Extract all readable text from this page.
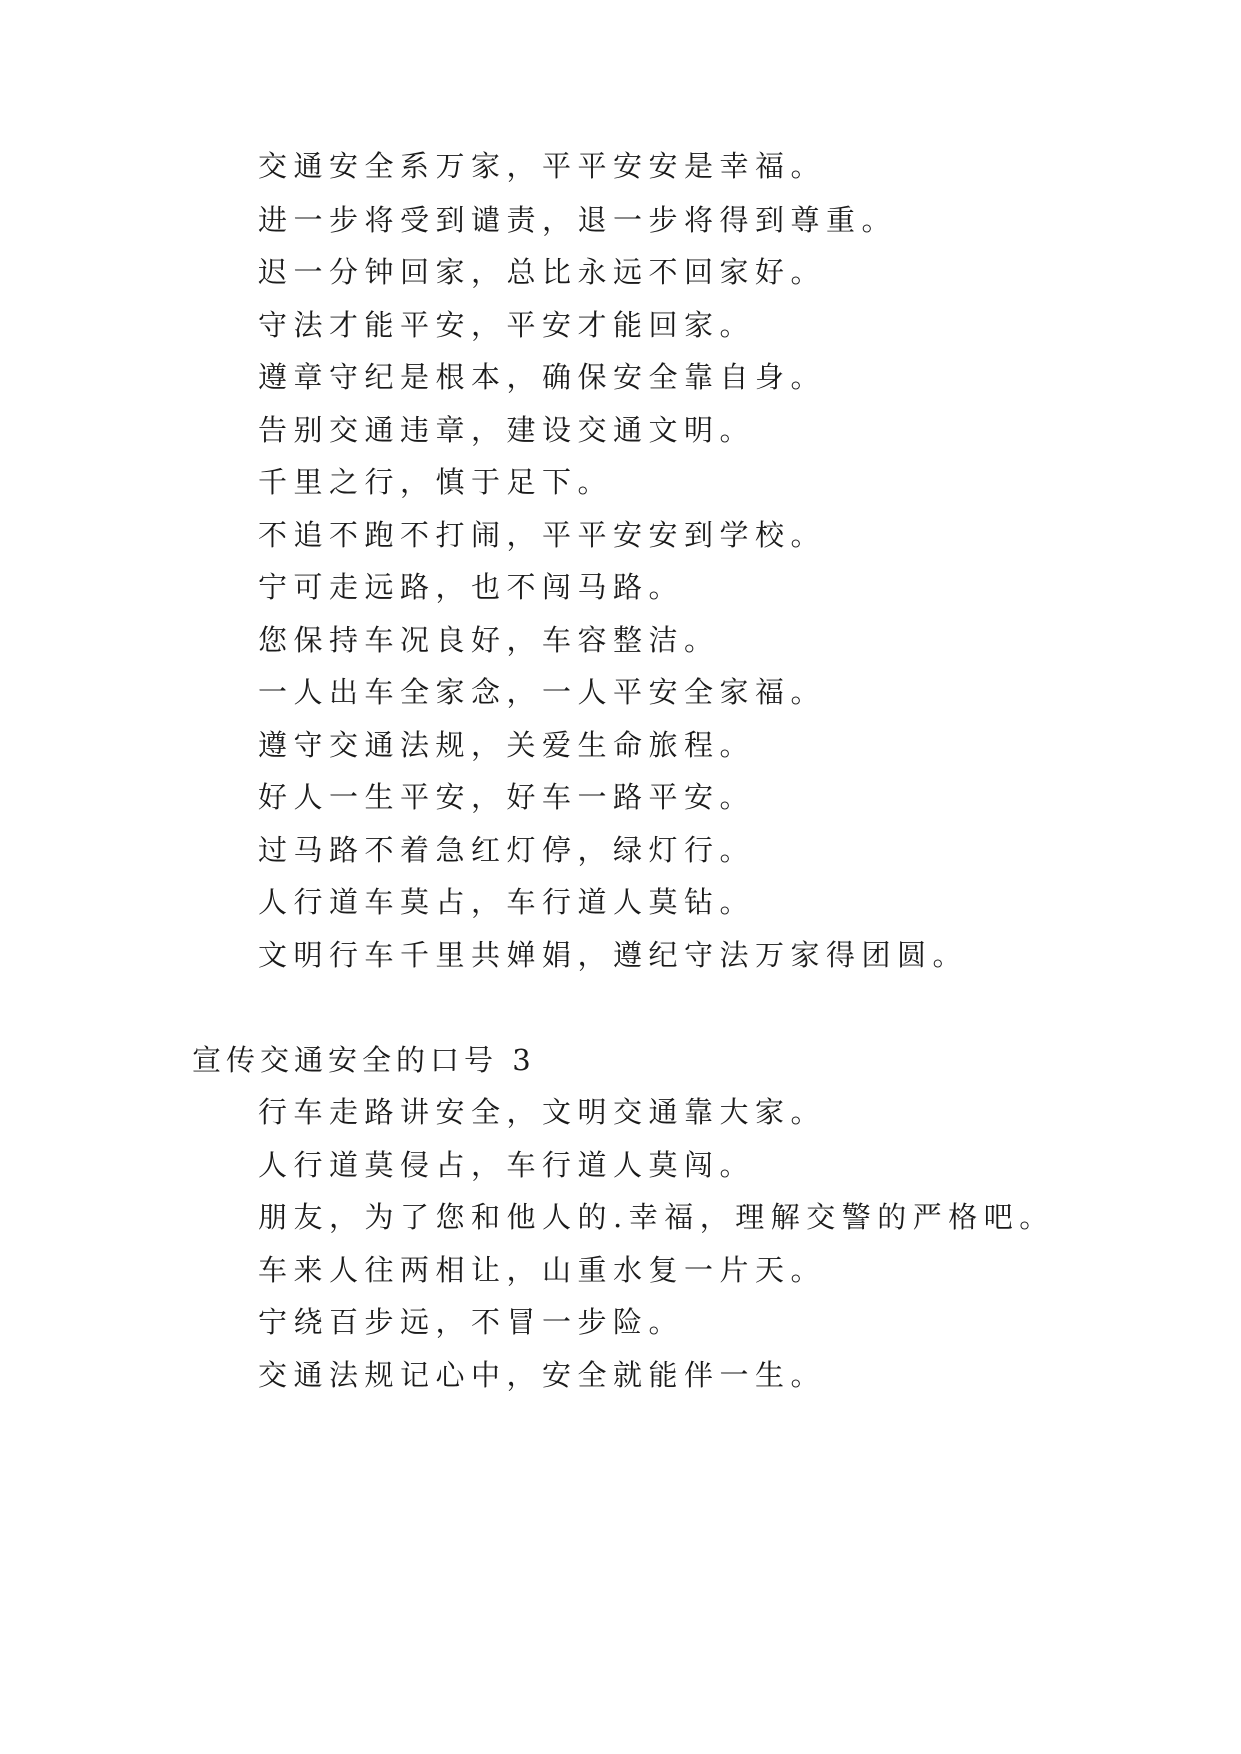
交通安全系万家，平平安安是幸福。
进一步将受到谴责，退一步将得到尊重。
迟一分钟回家，总比永远不回家好。
守法才能平安，平安才能回家。
遵章守纪是根本，确保安全靠自身。
告别交通违章，建设交通文明。
千里之行，慎于足下。
不追不跑不打闹，平平安安到学校。
宁可走远路，也不闯马路。
您保持车况良好，车容整洁。
一人出车全家念，一人平安全家福。
遵守交通法规，关爱生命旅程。
好人一生平安，好车一路平安。
过马路不着急红灯停，绿灯行。
人行道车莫占，车行道人莫钻。
文明行车千里共婵娟，遵纪守法万家得团圆。
宣传交通安全的口号 3
行车走路讲安全，文明交通靠大家。
人行道莫侵占，车行道人莫闯。
朋友，为了您和他人的.幸福，理解交警的严格吧。
车来人往两相让，山重水复一片天。
宁绕百步远，不冒一步险。
交通法规记心中，安全就能伴一生。
